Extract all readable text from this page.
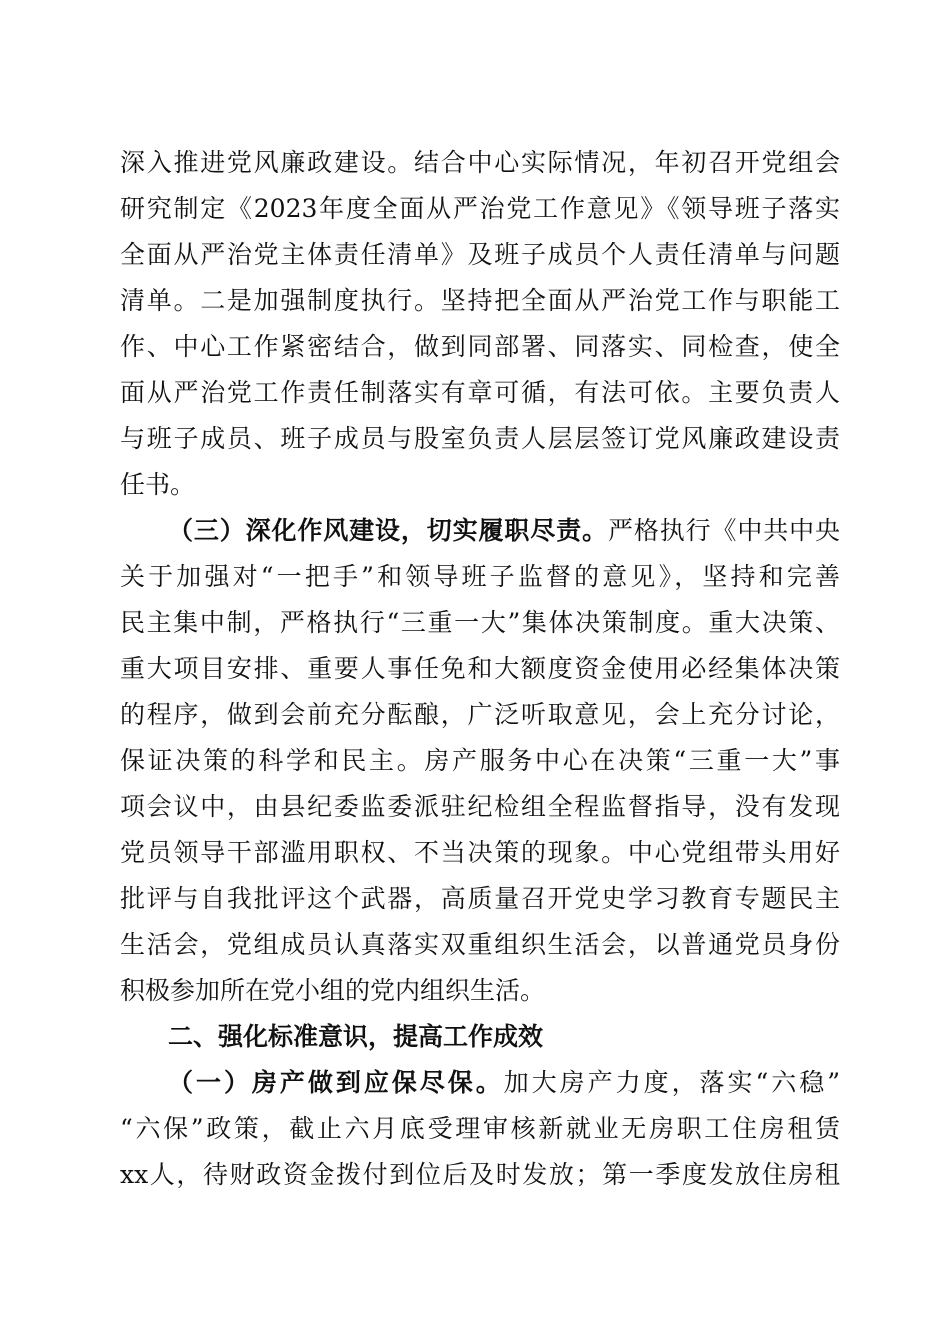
深入推进党风廉政建设。结合中心实际情况，年初召开党组会
研究制定《2023年度全面从严治党工作意见》《领导班子落实
全面从严治党主体责任清单》及班子成员个人责任清单与问题
清单。二是加强制度执行。坚持把全面从严治党工作与职能工
作、中心工作紧密结合，做到同部署、同落实、同检查，使全
面从严治党工作责任制落实有章可循，有法可依。主要负责人
与班子成员、班子成员与股室负责人层层签订党风廉政建设责
任书。
（三）深化作风建设，切实履职尽责。严格执行《中共中央
关于加强对“一把手”和领导班子监督的意见》，坚持和完善
民主集中制，严格执行“三重一大”集体决策制度。重大决策、
重大项目安排、重要人事任免和大额度资金使用必经集体决策
的程序，做到会前充分酝酿，广泛听取意见，会上充分讨论，
保证决策的科学和民主。房产服务中心在决策“三重一大”事
项会议中，由县纪委监委派驻纪检组全程监督指导，没有发现
党员领导干部滥用职权、不当决策的现象。中心党组带头用好
批评与自我批评这个武器，高质量召开党史学习教育专题民主
生活会，党组成员认真落实双重组织生活会，以普通党员身份
积极参加所在党小组的党内组织生活。
二、强化标准意识，提高工作成效
（一）房产做到应保尽保。加大房产力度，落实“六稳”
“六保”政策，截止六月底受理审核新就业无房职工住房租赁
xx人，待财政资金拨付到位后及时发放；第一季度发放住房租
